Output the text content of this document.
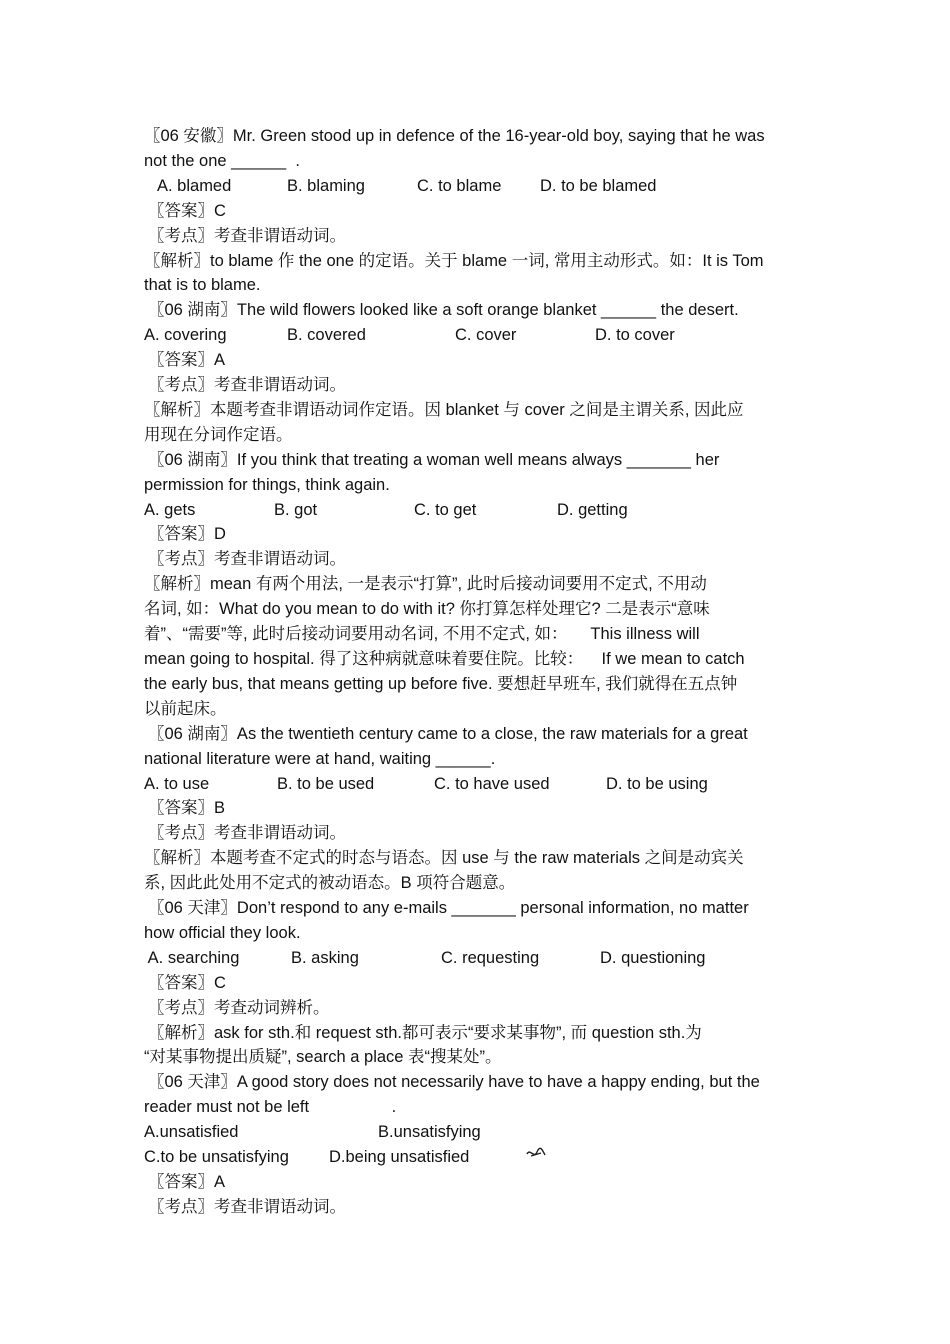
〖06 安徽〗Mr. Green stood up in defence of the 16-year-old boy, saying that he was
not the one ______  .
A. blamed	B. blaming	C. to blame D. to be blamed
〖答案〗C
〖考点〗考查非谓语动词。
〖解析〗to blame 作 the one 的定语。关于 blame 一词, 常用主动形式。如：It is Tom
that is to blame.
〖06 湖南〗The wild flowers looked like a soft orange blanket ______ the desert.
A. covering	B. covered	C. cover	D. to cover
〖答案〗A
〖考点〗考查非谓语动词。
〖解析〗本题考查非谓语动词作定语。因 blanket 与 cover 之间是主谓关系, 因此应
用现在分词作定语。
〖06 湖南〗If you think that treating a woman well means always _______ her
permission for things, think again.
A. gets	B. got	C. to get	D. getting
〖答案〗D
〖考点〗考查非谓语动词。
〖解析〗mean 有两个用法, 一是表示“打算”, 此时后接动词要用不定式, 不用动
名词, 如：What do you mean to do with it? 你打算怎样处理它? 二是表示“意味
着”、“需要”等, 此时后接动词要用动名词, 不用不定式, 如：     This illness will
mean going to hospital. 得了这种病就意味着要住院。比较：    If we mean to catch
the early bus, that means getting up before five. 要想赶早班车, 我们就得在五点钟
以前起床。
〖06 湖南〗As the twentieth century came to a close, the raw materials for a great
national literature were at hand, waiting ______.
A. to use	B. to be used	C. to have used	D. to be using
〖答案〗B
〖考点〗考查非谓语动词。
〖解析〗本题考查不定式的时态与语态。因 use 与 the raw materials 之间是动宾关
系, 因此此处用不定式的被动语态。B 项符合题意。
〖06 天津〗Don’t respond to any e-mails _______ personal information, no matter
how official they look.
A. searching	B. asking	C. requesting	D. questioning
〖答案〗C
〖考点〗考查动词辨析。
〖解析〗ask for sth.和 request sth.都可表示“要求某事物”, 而 question sth.为
“对某事物提出质疑”, search a place 表“搜某处”。
〖06 天津〗A good story does not necessarily have to have a happy ending, but the
reader must not be left                  .
A.unsatisfied	B.unsatisfying

C.to be unsatisfying D.being unsatisfied
〖答案〗A
〖考点〗考查非谓语动词。
